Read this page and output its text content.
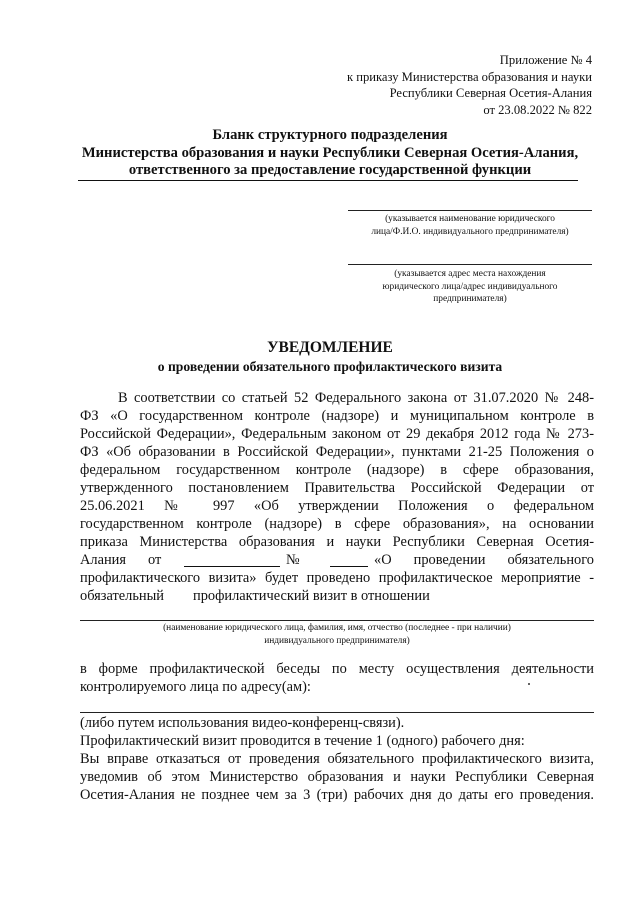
Приложение № 4
к приказу Министерства образования и науки
Республики Северная Осетия-Алания
от 23.08.2022 № 822
Бланк структурного подразделения
Министерства образования и науки Республики Северная Осетия-Алания,
ответственного за предоставление государственной функции
(указывается наименование юридического
лица/Ф.И.О. индивидуального предпринимателя)
(указывается адрес места нахождения
юридического лица/адрес индивидуального
предпринимателя)
УВЕДОМЛЕНИЕ
о проведении обязательного профилактического визита
В соответствии со статьей 52 Федерального закона от 31.07.2020 № 248-
ФЗ «О государственном контроле (надзоре) и муниципальном контроле в
Российской Федерации», Федеральным законом от 29 декабря 2012 года № 273-
ФЗ «Об образовании в Российской Федерации», пунктами 21-25 Положения о
федеральном государственном контроле (надзоре) в сфере образования,
утвержденного постановлением Правительства Российской Федерации от
25.06.2021 № 997 «Об утверждении Положения о федеральном
государственном контроле (надзоре) в сфере образования», на основании
приказа Министерства образования и науки Республики Северная Осетия-
Алания от	№	«О проведении обязательного
профилактического визита» будет проведено профилактическое мероприятие -
обязательный профилактический визит в отношении
(наименование юридического лица, фамилия, имя, отчество (последнее - при наличии)
индивидуального предпринимателя)
в форме профилактической беседы по месту осуществления деятельности
контролируемого лица по адресу(ам):
(либо путем использования видео-конференц-связи).
Профилактический визит проводится в течение 1 (одного) рабочего дня:
Вы вправе отказаться от проведения обязательного профилактического визита,
уведомив об этом Министерство образования и науки Республики Северная
Осетия-Алания не позднее чем за 3 (три) рабочих дня до даты его проведения.
